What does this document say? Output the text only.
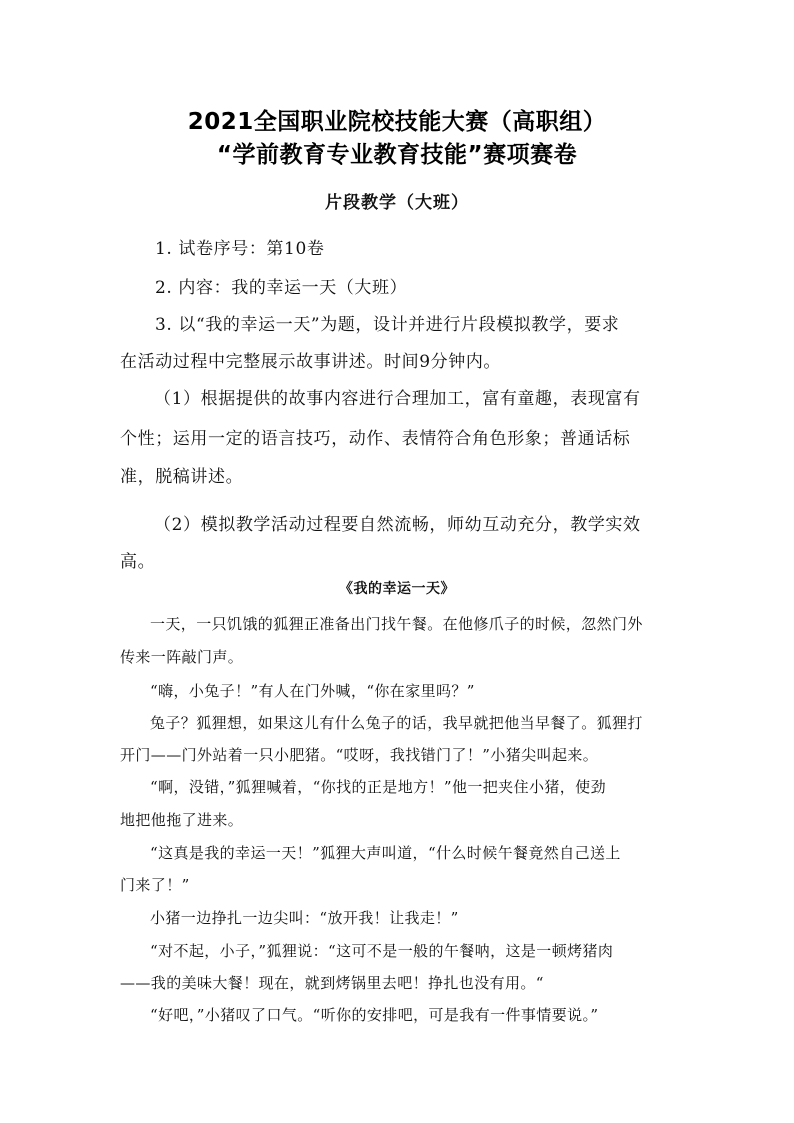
2021全国职业院校技能大赛（高职组）
“学前教育专业教育技能”赛项赛卷
片段教学（大班）
1. 试卷序号：第10卷
2. 内容：我的幸运一天（大班）
3. 以“我的幸运一天”为题，设计并进行片段模拟教学，要求
在活动过程中完整展示故事讲述。时间9分钟内。
（1）根据提供的故事内容进行合理加工，富有童趣，表现富有
个性；运用一定的语言技巧，动作、表情符合角色形象；普通话标
准，脱稿讲述。
（2）模拟教学活动过程要自然流畅，师幼互动充分，教学实效
高。
《我的幸运一天》
一天，一只饥饿的狐狸正准备出门找午餐。在他修爪子的时候，忽然门外
传来一阵敲门声。
“嗨，小兔子！”有人在门外喊，“你在家里吗？”
兔子？狐狸想，如果这儿有什么兔子的话，我早就把他当早餐了。狐狸打
开门——门外站着一只小肥猪。“哎呀，我找错门了！”小猪尖叫起来。
“啊，没错，”狐狸喊着，“你找的正是地方！”他一把夹住小猪，使劲
地把他拖了进来。
“这真是我的幸运一天！”狐狸大声叫道，“什么时候午餐竟然自己送上
门来了！”
小猪一边挣扎一边尖叫：“放开我！让我走！”
“对不起，小子，”狐狸说：“这可不是一般的午餐呐，这是一顿烤猪肉
——我的美味大餐！现在，就到烤锅里去吧！挣扎也没有用。“
“好吧，”小猪叹了口气。“听你的安排吧，可是我有一件事情要说。”
